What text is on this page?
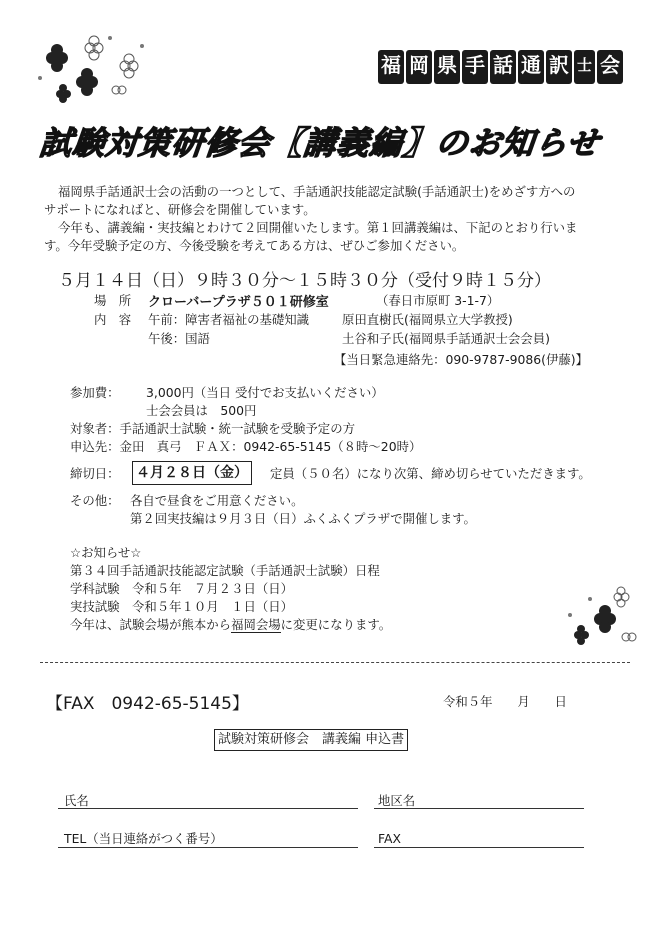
福 岡 県 手 話 通 訳 士 会
試験対策研修会【講義編】のお知らせ
福岡県手話通訳士会の活動の一つとして、手話通訳技能認定試験(手話通訳士)をめざす方への
サポートになればと、研修会を開催しています。
今年も、講義編・実技編とわけて２回開催いたします。第１回講義編は、下記のとおり行いま
す。今年受験予定の方、今後受験を考えてある方は、ぜひご参加ください。
５月１４日（日）９時３０分～１５時３０分（受付９時１５分）
場　所 クローバープラザ５０１研修室	（春日市原町 3-1-7）
内　容 午前：障害者福祉の基礎知識	原田直樹氏(福岡県立大学教授)
午後：国語	土谷和子氏(福岡県手話通訳士会会員)
【当日緊急連絡先：090-9787-9086(伊藤)】
参加費： 3,000円（当日 受付でお支払いください）
士会会員は　500円
対象者：手話通訳士試験・統一試験を受験予定の方
申込先：金田　真弓　ＦＡＸ：0942-65-5145（８時～20時）
締切日： ４月２８日（金）	定員（５０名）になり次第、締め切らせていただきます。
その他： 各自で昼食をご用意ください。
第２回実技編は９月３日（日）ふくふくプラザで開催します。
☆お知らせ☆
第３４回手話通訳技能認定試験（手話通訳士試験）日程
学科試験　令和５年　７月２３日（日）
実技試験　令和５年１０月　１日（日）
今年は、試験会場が熊本から福岡会場に変更になります。
【FAX　0942-65-5145】	令和５年　　月　　日
試験対策研修会　講義編 申込書
氏名	地区名
TEL（当日連絡がつく番号）	FAX
